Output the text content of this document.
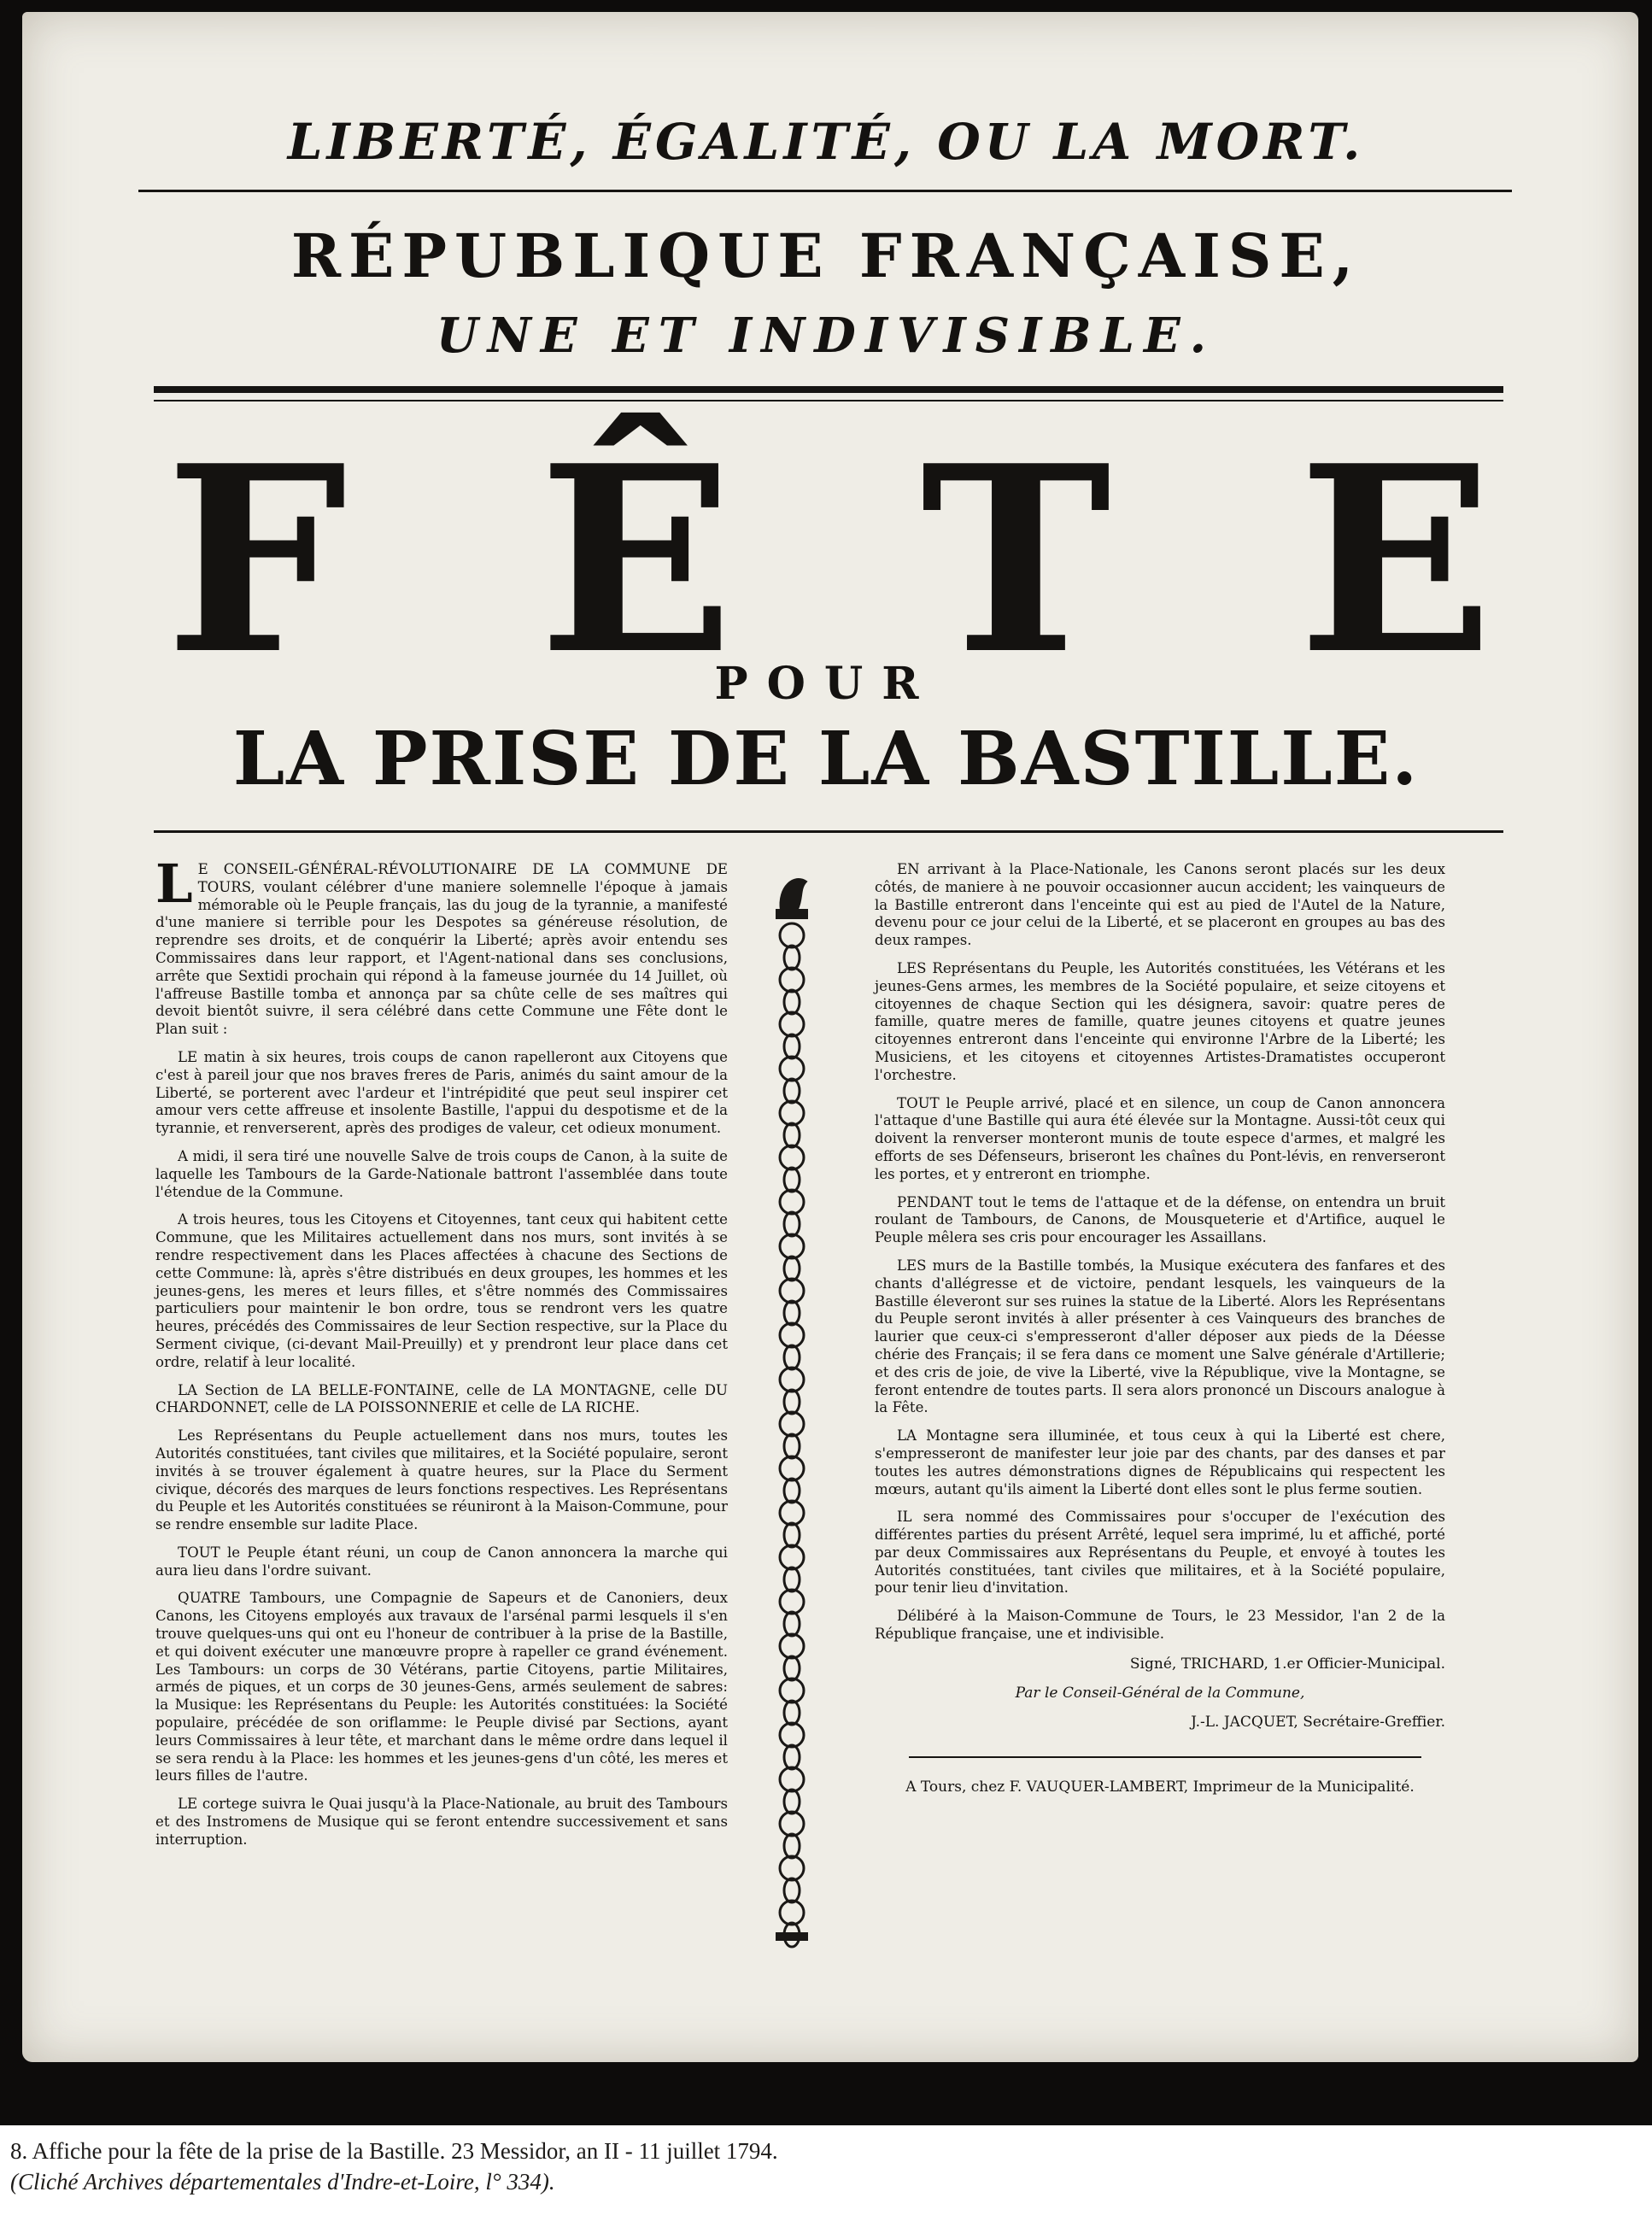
LIBERTÉ, ÉGALITÉ, OU LA MORT.
RÉPUBLIQUE FRANÇAISE,
UNE ET INDIVISIBLE.
F Ê T E
POUR
LA PRISE DE LA BASTILLE.

L E CONSEIL-GÉNÉRAL-RÉVOLUTIONAIRE DE LA COMMUNE DE TOURS, voulant célébrer d'une maniere solemnelle l'époque à jamais mémorable où le Peuple français, las du joug de la tyrannie, a manifesté d'une maniere si terrible pour les Despotes sa généreuse résolution, de reprendre ses droits, et de conquérir la Liberté; après avoir entendu ses Commissaires dans leur rapport, et l'Agent-national dans ses conclusions, arrête que Sextidi prochain qui répond à la fameuse journée du 14 Juillet, où l'affreuse Bastille tomba et annonça par sa chûte celle de ses maîtres qui devoit bientôt suivre, il sera célébré dans cette Commune une Fête dont le Plan suit :

LE matin à six heures, trois coups de canon rapelleront aux Citoyens que c'est à pareil jour que nos braves freres de Paris, animés du saint amour de la Liberté, se porterent avec l'ardeur et l'intrépidité que peut seul inspirer cet amour vers cette affreuse et insolente Bastille, l'appui du despotisme et de la tyrannie, et renverserent, après des prodiges de valeur, cet odieux monument.

A midi, il sera tiré une nouvelle Salve de trois coups de Canon, à la suite de laquelle les Tambours de la Garde-Nationale battront l'assemblée dans toute l'étendue de la Commune.

A trois heures, tous les Citoyens et Citoyennes, tant ceux qui habitent cette Commune, que les Militaires actuellement dans nos murs, sont invités à se rendre respectivement dans les Places affectées à chacune des Sections de cette Commune: là, après s'être distribués en deux groupes, les hommes et les jeunes-gens, les meres et leurs filles, et s'être nommés des Commissaires particuliers pour maintenir le bon ordre, tous se rendront vers les quatre heures, précédés des Commissaires de leur Section respective, sur la Place du Serment civique, (ci-devant Mail-Preuilly) et y prendront leur place dans cet ordre, relatif à leur localité.

LA Section de LA BELLE-FONTAINE, celle de LA MONTAGNE, celle DU CHARDONNET, celle de LA POISSONNERIE et celle de LA RICHE.

Les Représentans du Peuple actuellement dans nos murs, toutes les Autorités constituées, tant civiles que militaires, et la Société populaire, seront invités à se trouver également à quatre heures, sur la Place du Serment civique, décorés des marques de leurs fonctions respectives. Les Représentans du Peuple et les Autorités constituées se réuniront à la Maison-Commune, pour se rendre ensemble sur ladite Place.

TOUT le Peuple étant réuni, un coup de Canon annoncera la marche qui aura lieu dans l'ordre suivant.

QUATRE Tambours, une Compagnie de Sapeurs et de Canoniers, deux Canons, les Citoyens employés aux travaux de l'arsénal parmi lesquels il s'en trouve quelques-uns qui ont eu l'honeur de contribuer à la prise de la Bastille, et qui doivent exécuter une manœuvre propre à rapeller ce grand événement. Les Tambours: un corps de 30 Vétérans, partie Citoyens, partie Militaires, armés de piques, et un corps de 30 jeunes-Gens, armés seulement de sabres: la Musique: les Représentans du Peuple: les Autorités constituées: la Société populaire, précédée de son oriflamme: le Peuple divisé par Sections, ayant leurs Commissaires à leur tête, et marchant dans le même ordre dans lequel il se sera rendu à la Place: les hommes et les jeunes-gens d'un côté, les meres et leurs filles de l'autre.

LE cortege suivra le Quai jusqu'à la Place-Nationale, au bruit des Tambours et des Instromens de Musique qui se feront entendre successivement et sans interruption.

EN arrivant à la Place-Nationale, les Canons seront placés sur les deux côtés, de maniere à ne pouvoir occasionner aucun accident; les vainqueurs de la Bastille entreront dans l'enceinte qui est au pied de l'Autel de la Nature, devenu pour ce jour celui de la Liberté, et se placeront en groupes au bas des deux rampes.

LES Représentans du Peuple, les Autorités constituées, les Vétérans et les jeunes-Gens armes, les membres de la Société populaire, et seize citoyens et citoyennes de chaque Section qui les désignera, savoir: quatre peres de famille, quatre meres de famille, quatre jeunes citoyens et quatre jeunes citoyennes entreront dans l'enceinte qui environne l'Arbre de la Liberté; les Musiciens, et les citoyens et citoyennes Artistes-Dramatistes occuperont l'orchestre.

TOUT le Peuple arrivé, placé et en silence, un coup de Canon annoncera l'attaque d'une Bastille qui aura été élevée sur la Montagne. Aussi-tôt ceux qui doivent la renverser monteront munis de toute espece d'armes, et malgré les efforts de ses Défenseurs, briseront les chaînes du Pont-lévis, en renverseront les portes, et y entreront en triomphe.

PENDANT tout le tems de l'attaque et de la défense, on entendra un bruit roulant de Tambours, de Canons, de Mousqueterie et d'Artifice, auquel le Peuple mêlera ses cris pour encourager les Assaillans.

LES murs de la Bastille tombés, la Musique exécutera des fanfares et des chants d'allégresse et de victoire, pendant lesquels, les vainqueurs de la Bastille éleveront sur ses ruines la statue de la Liberté. Alors les Représentans du Peuple seront invités à aller présenter à ces Vainqueurs des branches de laurier que ceux-ci s'empresseront d'aller déposer aux pieds de la Déesse chérie des Français; il se fera dans ce moment une Salve générale d'Artillerie; et des cris de joie, de vive la Liberté, vive la République, vive la Montagne, se feront entendre de toutes parts. Il sera alors prononcé un Discours analogue à la Fête.

LA Montagne sera illuminée, et tous ceux à qui la Liberté est chere, s'empresseront de manifester leur joie par des chants, par des danses et par toutes les autres démonstrations dignes de Républicains qui respectent les mœurs, autant qu'ils aiment la Liberté dont elles sont le plus ferme soutien.

IL sera nommé des Commissaires pour s'occuper de l'exécution des différentes parties du présent Arrêté, lequel sera imprimé, lu et affiché, porté par deux Commissaires aux Représentans du Peuple, et envoyé à toutes les Autorités constituées, tant civiles que militaires, et à la Société populaire, pour tenir lieu d'invitation.

Délibéré à la Maison-Commune de Tours, le 23 Messidor, l'an 2 de la République française, une et indivisible.

Signé, TRICHARD, 1.er Officier-Municipal.
Par le Conseil-Général de la Commune,
J.-L. JACQUET, Secrétaire-Greffier.
A Tours, chez F. VAUQUER-LAMBERT, Imprimeur de la Municipalité.
8. Affiche pour la fête de la prise de la Bastille. 23 Messidor, an II - 11 juillet 1794.
(Cliché Archives départementales d'Indre-et-Loire, l° 334).
